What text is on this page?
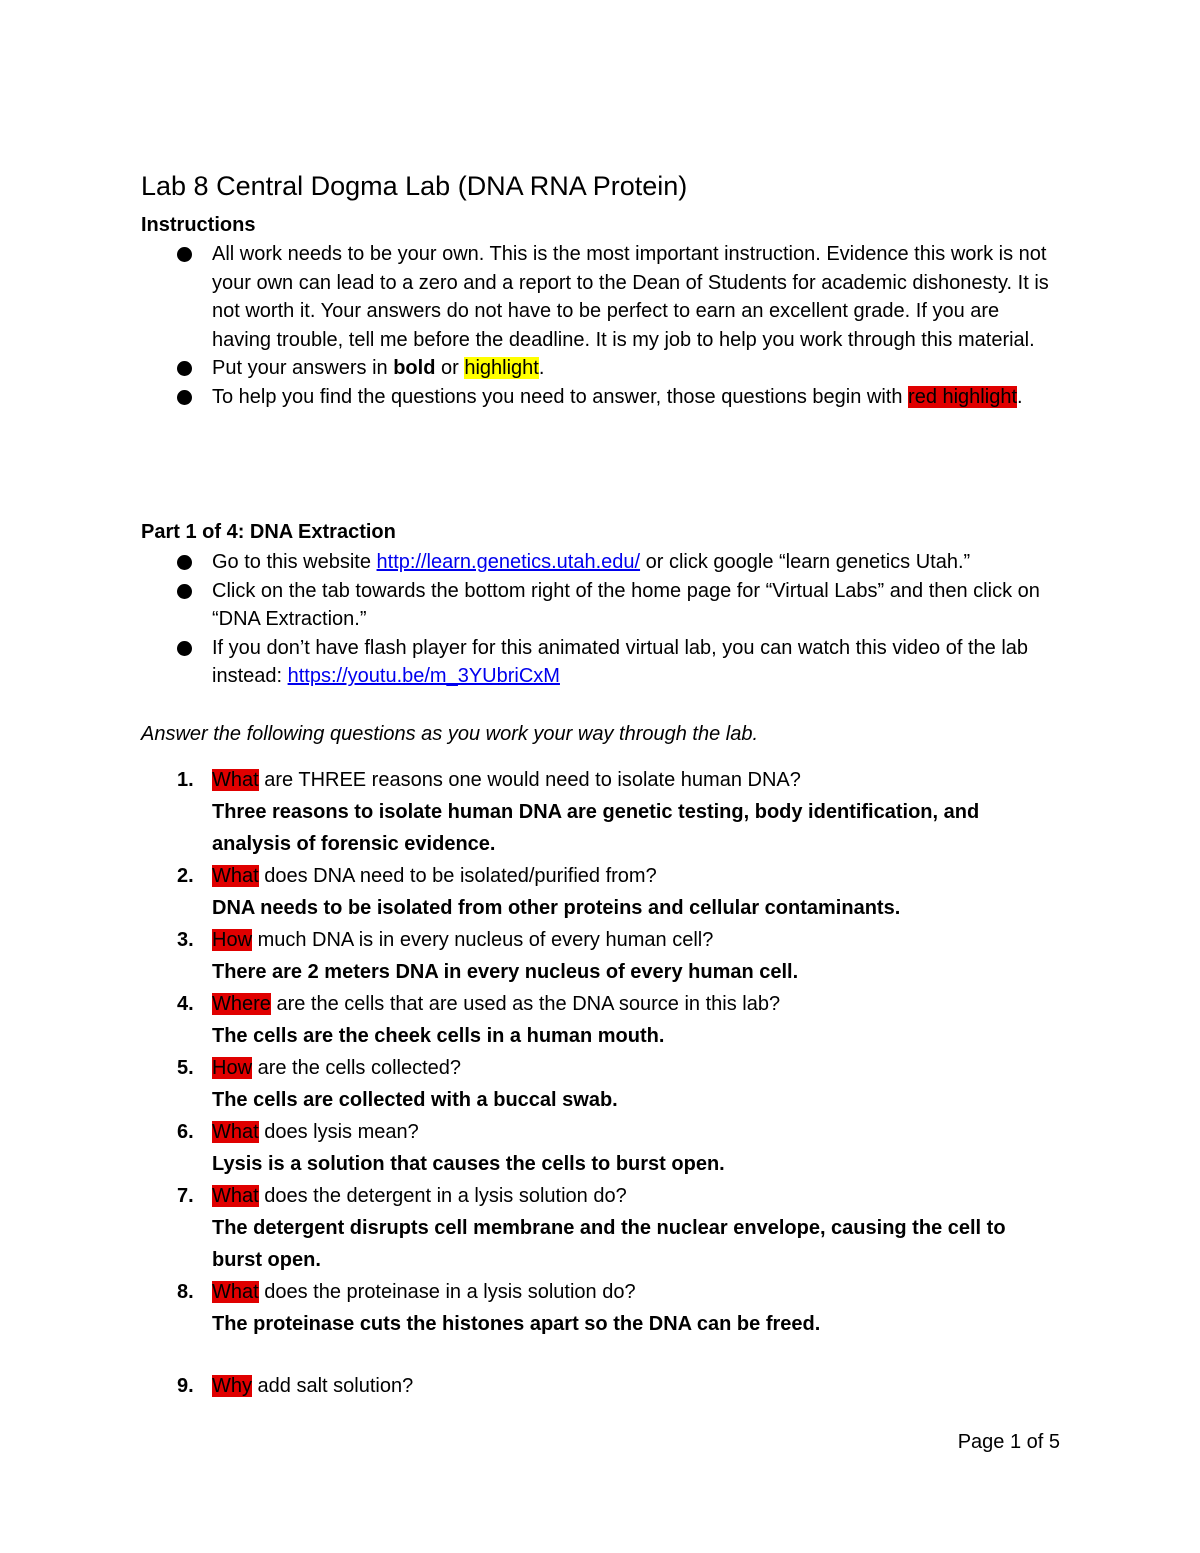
Lab 8 Central Dogma Lab (DNA RNA Protein)
Instructions
All work needs to be your own. This is the most important instruction. Evidence this work is not your own can lead to a zero and a report to the Dean of Students for academic dishonesty. It is not worth it. Your answers do not have to be perfect to earn an excellent grade. If you are having trouble, tell me before the deadline. It is my job to help you work through this material.
Put your answers in bold or highlight.
To help you find the questions you need to answer, those questions begin with red highlight.
Part 1 of 4: DNA Extraction
Go to this website http://learn.genetics.utah.edu/ or click google “learn genetics Utah.”
Click on the tab towards the bottom right of the home page for “Virtual Labs” and then click on “DNA Extraction.”
If you don’t have flash player for this animated virtual lab, you can watch this video of the lab instead: https://youtu.be/m_3YUbriCxM
Answer the following questions as you work your way through the lab.
1. What are THREE reasons one would need to isolate human DNA?
Three reasons to isolate human DNA are genetic testing, body identification, and analysis of forensic evidence.
2. What does DNA need to be isolated/purified from?
DNA needs to be isolated from other proteins and cellular contaminants.
3. How much DNA is in every nucleus of every human cell?
There are 2 meters DNA in every nucleus of every human cell.
4. Where are the cells that are used as the DNA source in this lab?
The cells are the cheek cells in a human mouth.
5. How are the cells collected?
The cells are collected with a buccal swab.
6. What does lysis mean?
Lysis is a solution that causes the cells to burst open.
7. What does the detergent in a lysis solution do?
The detergent disrupts cell membrane and the nuclear envelope, causing the cell to burst open.
8. What does the proteinase in a lysis solution do?
The proteinase cuts the histones apart so the DNA can be freed.
9. Why add salt solution?
Page 1 of 5
